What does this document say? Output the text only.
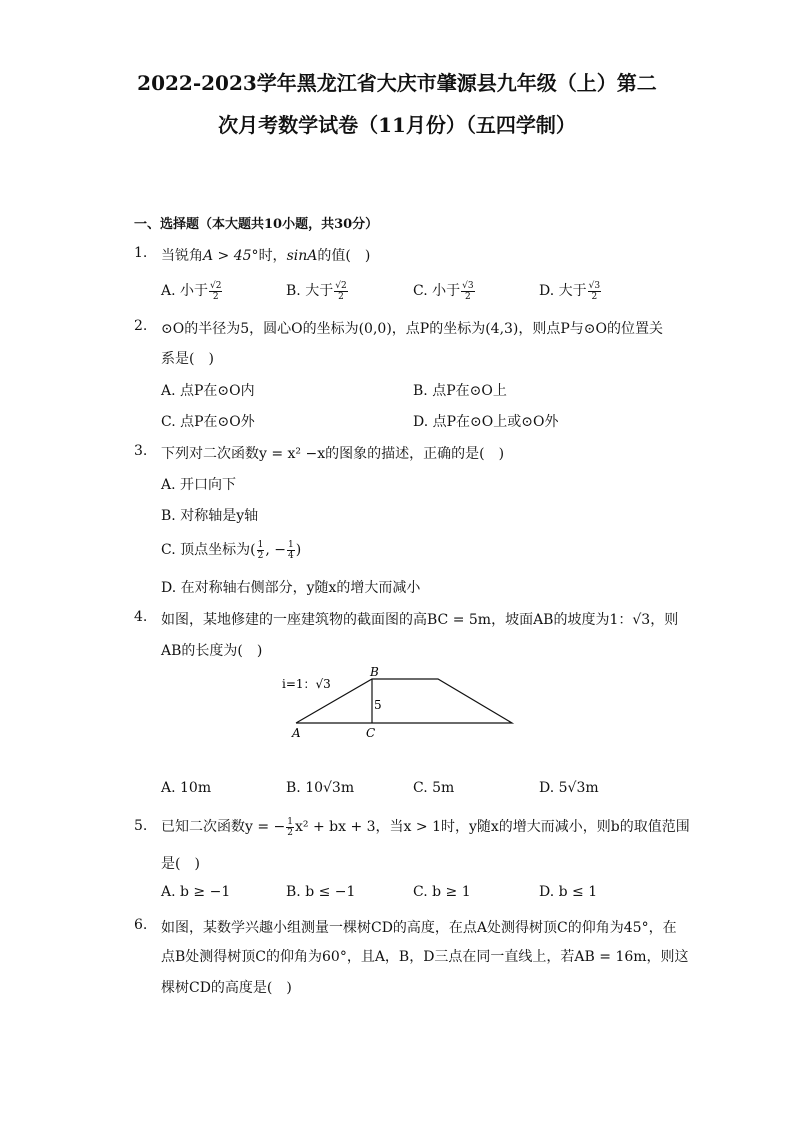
2022-2023学年黑龙江省大庆市肇源县九年级（上）第二
次月考数学试卷（11月份）（五四学制）
一、选择题（本大题共10小题，共30分）
1. 当锐角A > 45°时，sinA的值(　)
A. 小于 $\frac{√2}{2}$	B. 大于 $\frac{√2}{2}$	C. 小于 $\frac{√3}{2}$	D. 大于 $\frac{√3}{2}$
2. ⊙O的半径为5，圆心O的坐标为(0,0)，点P的坐标为(4,3)，则点P与⊙O的位置关
系是(　)
A. 点P在⊙O内	B. 点P在⊙O上
C. 点P在⊙O外	D. 点P在⊙O上或⊙O外
3. 下列对二次函数y = x² −x的图象的描述，正确的是(　)
A. 开口向下
B. 对称轴是y轴
C. 顶点坐标为( $\frac{1}{2}$ , − $\frac{1}{4}$ )
D. 在对称轴右侧部分，y随x的增大而减小
4. 如图，某地修建的一座建筑物的截面图的高BC = 5m，坡面AB的坡度为1：√3，则
AB的长度为(　)
i=1：√3
B
5
A	C
A. 10m	B. 10√3m	C. 5m	D. 5√3m
5. 已知二次函数y = − $\frac{1}{2} x^2$ + bx + 3，当x > 1时，y随x的增大而减小，则b的取值范围
是(　)
A. b ≥ −1	B. b ≤ −1	C. b ≥ 1	D. b ≤ 1
6. 如图，某数学兴趣小组测量一棵树CD的高度，在点A处测得树顶C的仰角为45°，在
点B处测得树顶C的仰角为60°，且A，B，D三点在同一直线上，若AB = 16m，则这
棵树CD的高度是(　)
